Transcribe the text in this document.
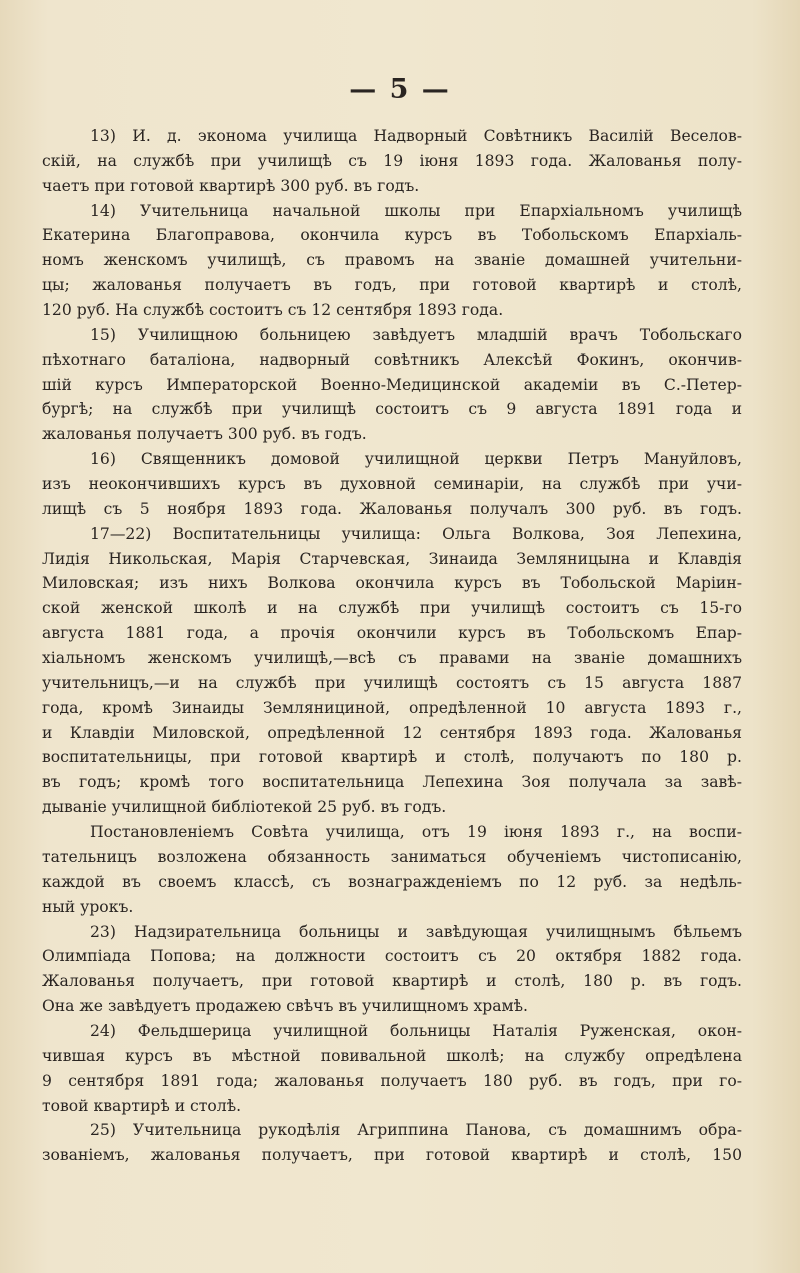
— 5 —
13) И. д. эконома училища Надворный Совѣтникъ Василій Веселов-
скій, на службѣ при училищѣ съ 19 іюня 1893 года. Жалованья полу-
чаетъ при готовой квартирѣ 300 руб. въ годъ.
14) Учительница начальной школы при Епархіальномъ училищѣ
Екатерина Благоправова, окончила курсъ въ Тобольскомъ Епархіаль-
номъ женскомъ училищѣ, съ правомъ на званіе домашней учительни-
цы; жалованья получаетъ въ годъ, при готовой квартирѣ и столѣ,
120 руб. На службѣ состоитъ съ 12 сентября 1893 года.
15) Училищною больницею завѣдуетъ младшій врачъ Тобольскаго
пѣхотнаго баталіона, надворный совѣтникъ Алексѣй Фокинъ, окончив-
шій курсъ Императорской Военно-Медицинской академіи въ С.-Петер-
бургѣ; на службѣ при училищѣ состоитъ съ 9 августа 1891 года и
жалованья получаетъ 300 руб. въ годъ.
16) Священникъ домовой училищной церкви Петръ Мануйловъ,
изъ неокончившихъ курсъ въ духовной семинаріи, на службѣ при учи-
лищѣ съ 5 ноября 1893 года. Жалованья получалъ 300 руб. въ годъ.
17—22) Воспитательницы училища: Ольга Волкова, Зоя Лепехина,
Лидія Никольская, Марія Старчевская, Зинаида Земляницына и Клавдія
Миловская; изъ нихъ Волкова окончила курсъ въ Тобольской Маріин-
ской женской школѣ и на службѣ при училищѣ состоитъ съ 15-го
августа 1881 года, а прочія окончили курсъ въ Тобольскомъ Епар-
хіальномъ женскомъ училищѣ,—всѣ съ правами на званіе домашнихъ
учительницъ,—и на службѣ при училищѣ состоятъ съ 15 августа 1887
года, кромѣ Зинаиды Землянициной, опредѣленной 10 августа 1893 г.,
и Клавдіи Миловской, опредѣленной 12 сентября 1893 года. Жалованья
воспитательницы, при готовой квартирѣ и столѣ, получаютъ по 180 р.
въ годъ; кромѣ того воспитательница Лепехина Зоя получала за завѣ-
дываніе училищной библіотекой 25 руб. въ годъ.
Постановленіемъ Совѣта училища, отъ 19 іюня 1893 г., на воспи-
тательницъ возложена обязанность заниматься обученіемъ чистописанію,
каждой въ своемъ классѣ, съ вознагражденіемъ по 12 руб. за недѣль-
ный урокъ.
23) Надзирательница больницы и завѣдующая училищнымъ бѣльемъ
Олимпіада Попова; на должности состоитъ съ 20 октября 1882 года.
Жалованья получаетъ, при готовой квартирѣ и столѣ, 180 р. въ годъ.
Она же завѣдуетъ продажею свѣчъ въ училищномъ храмѣ.
24) Фельдшерица училищной больницы Наталія Руженская, окон-
чившая курсъ въ мѣстной повивальной школѣ; на службу опредѣлена
9 сентября 1891 года; жалованья получаетъ 180 руб. въ годъ, при го-
товой квартирѣ и столѣ.
25) Учительница рукодѣлія Агриппина Панова, съ домашнимъ обра-
зованіемъ, жалованья получаетъ, при готовой квартирѣ и столѣ, 150
